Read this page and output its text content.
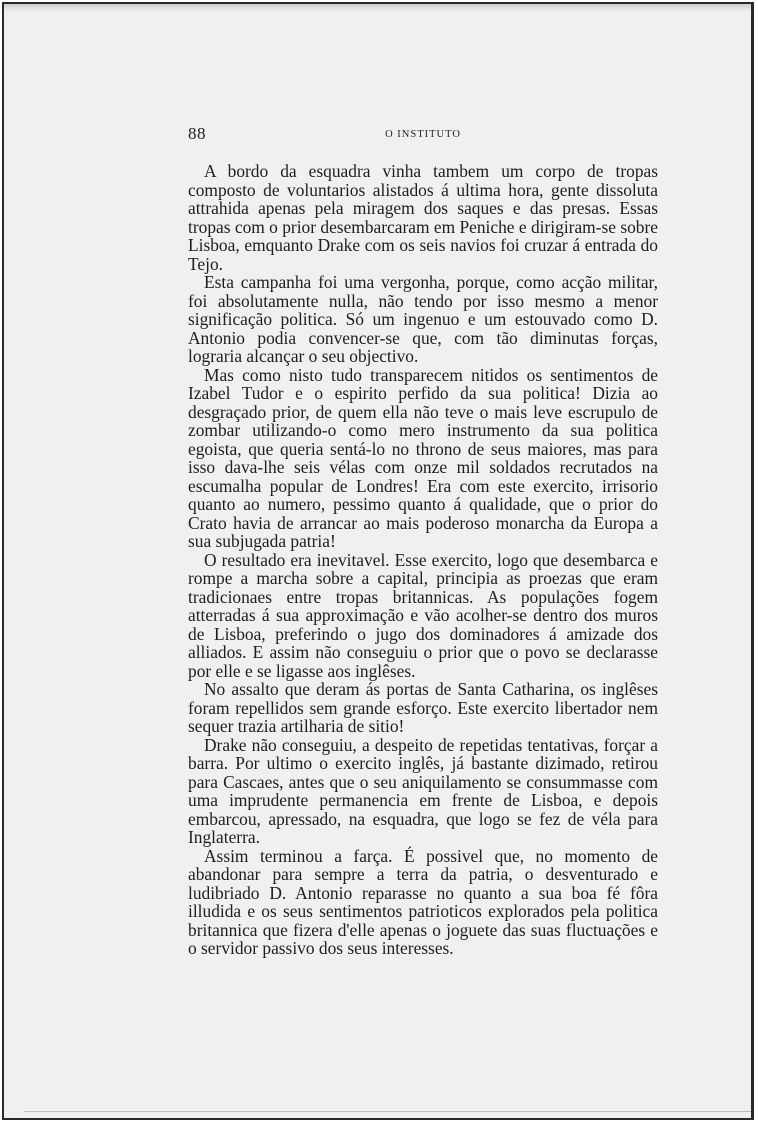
88	O INSTITUTO

A bordo da esquadra vinha tambem um corpo de tropas composto de voluntarios alistados á ultima hora, gente dissoluta attrahida apenas pela miragem dos saques e das presas. Essas tropas com o prior desembarcaram em Peniche e dirigiram-se sobre Lisboa, emquanto Drake com os seis navios foi cruzar á entrada do Tejo.

Esta campanha foi uma vergonha, porque, como acção militar, foi absolutamente nulla, não tendo por isso mesmo a menor significação politica. Só um ingenuo e um estouvado como D. Antonio podia convencer-se que, com tão diminutas forças, lograria alcançar o seu objectivo.

Mas como nisto tudo transparecem nitidos os sentimentos de Izabel Tudor e o espirito perfido da sua politica! Dizia ao desgraçado prior, de quem ella não teve o mais leve escrupulo de zombar utilizando-o como mero instrumento da sua politica egoista, que queria sentá-lo no throno de seus maiores, mas para isso dava-lhe seis vélas com onze mil soldados recrutados na escumalha popular de Londres! Era com este exercito, irrisorio quanto ao numero, pessimo quanto á qualidade, que o prior do Crato havia de arrancar ao mais poderoso monarcha da Europa a sua subjugada patria!

O resultado era inevitavel. Esse exercito, logo que desembarca e rompe a marcha sobre a capital, principia as proezas que eram tradicionaes entre tropas britannicas. As populações fogem atterradas á sua approximação e vão acolher-se dentro dos muros de Lisboa, preferindo o jugo dos dominadores á amizade dos alliados. E assim não conseguiu o prior que o povo se declarasse por elle e se ligasse aos inglêses.

No assalto que deram ás portas de Santa Catharina, os inglêses foram repellidos sem grande esforço. Este exercito libertador nem sequer trazia artilharia de sitio!

Drake não conseguiu, a despeito de repetidas tentativas, forçar a barra. Por ultimo o exercito inglês, já bastante dizimado, retirou para Cascaes, antes que o seu aniquilamento se consummasse com uma imprudente permanencia em frente de Lisboa, e depois embarcou, apressado, na esquadra, que logo se fez de véla para Inglaterra.

Assim terminou a farça. É possivel que, no momento de abandonar para sempre a terra da patria, o desventurado e ludibriado D. Antonio reparasse no quanto a sua boa fé fôra illudida e os seus sentimentos patrioticos explorados pela politica britannica que fizera d'elle apenas o joguete das suas fluctuações e o servidor passivo dos seus interesses.
